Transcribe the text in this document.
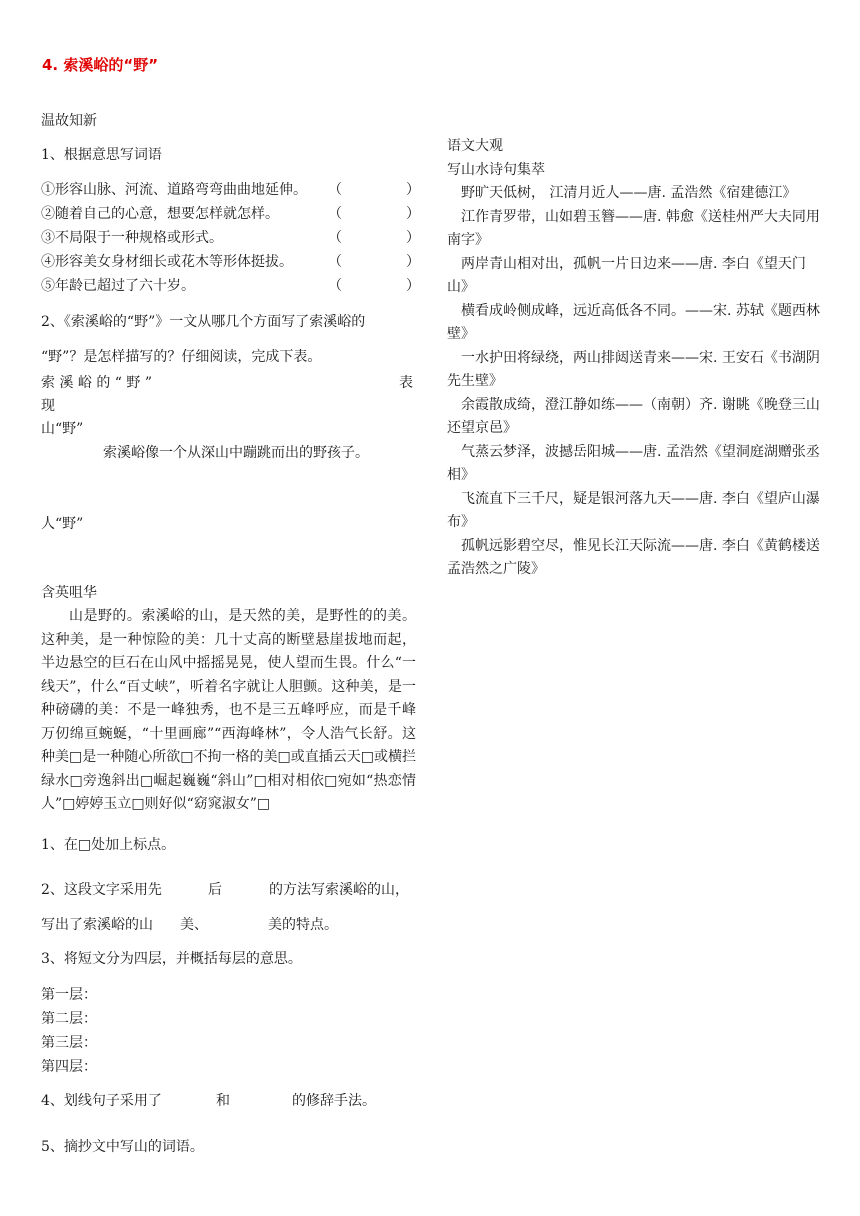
4. 索溪峪的“野”
温故知新
1、根据意思写词语
①形容山脉、河流、道路弯弯曲曲地延伸。 （	）
②随着自己的心意，想要怎样就怎样。	（	）
③不局限于一种规格或形式。	（	）
④形容美女身材细长或花木等形体挺拔。	（	）
⑤年龄已超过了六十岁。	（	）
2、《索溪峪的“野”》一文从哪几个方面写了索溪峪的
“野”？是怎样描写的？仔细阅读，完成下表。
索 溪 峪 的 “ 野 ”	表
现
山“野”
索溪峪像一个从深山中蹦跳而出的野孩子。
人“野”
含英咀华
山是野的。索溪峪的山，是天然的美，是野性的的美。这种美，是一种惊险的美：几十丈高的断壁悬崖拔地而起，半边悬空的巨石在山风中摇摇晃晃，使人望而生畏。什么“一线天”，什么“百丈峡”，听着名字就让人胆颤。这种美，是一种磅礴的美：不是一峰独秀，也不是三五峰呼应，而是千峰万仞绵亘蜿蜒，“十里画廊”“西海峰林”，令人浩气长舒。这种美□是一种随心所欲□不拘一格的美□或直插云天□或横拦绿水□旁逸斜出□崛起巍巍“斜山”□相对相依□宛如“热恋情人”□婷婷玉立□则好似“窈窕淑女”□
1、在□处加上标点。
2、这段文字采用先	后	的方法写索溪峪的山，
写出了索溪峪的山 美、	美的特点。
3、将短文分为四层，并概括每层的意思。
第一层：
第二层：
第三层：
第四层：
4、划线句子采用了	和	的修辞手法。
5、摘抄文中写山的词语。
语文大观
写山水诗句集萃

野旷天低树， 江清月近人——唐. 孟浩然《宿建德江》

江作青罗带，山如碧玉簪——唐. 韩愈《送桂州严大夫同用南字》

两岸青山相对出，孤帆一片日边来——唐. 李白《望天门山》

横看成岭侧成峰，远近高低各不同。——宋. 苏轼《题西林壁》

一水护田将绿绕，两山排闼送青来——宋. 王安石《书湖阴先生壁》

余霞散成绮，澄江静如练——（南朝）齐. 谢眺《晚登三山还望京邑》

气蒸云梦泽，波撼岳阳城——唐. 孟浩然《望洞庭湖赠张丞相》

飞流直下三千尺，疑是银河落九天——唐. 李白《望庐山瀑布》

孤帆远影碧空尽，惟见长江天际流——唐. 李白《黄鹤楼送孟浩然之广陵》
